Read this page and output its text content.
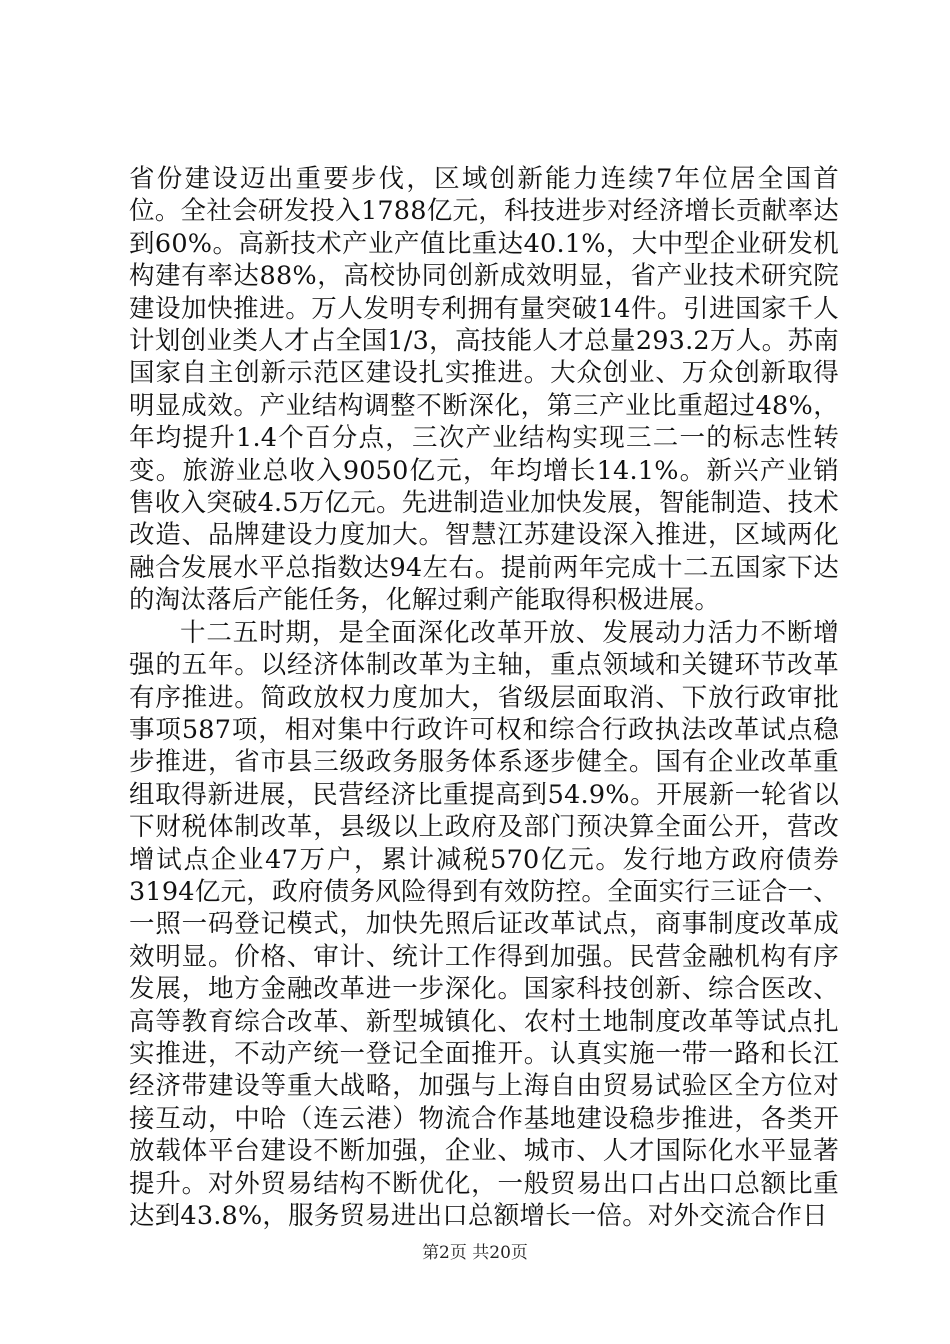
省份建设迈出重要步伐，区域创新能力连续7年位居全国首位。全社会研发投入1788亿元，科技进步对经济增长贡献率达到60%。高新技术产业产值比重达40.1%，大中型企业研发机构建有率达88%，高校协同创新成效明显，省产业技术研究院建设加快推进。万人发明专利拥有量突破14件。引进国家千人计划创业类人才占全国1/3，高技能人才总量293.2万人。苏南国家自主创新示范区建设扎实推进。大众创业、万众创新取得明显成效。产业结构调整不断深化，第三产业比重超过48%，年均提升1.4个百分点，三次产业结构实现三二一的标志性转变。旅游业总收入9050亿元，年均增长14.1%。新兴产业销售收入突破4.5万亿元。先进制造业加快发展，智能制造、技术改造、品牌建设力度加大。智慧江苏建设深入推进，区域两化融合发展水平总指数达94左右。提前两年完成十二五国家下达的淘汰落后产能任务，化解过剩产能取得积极进展。

十二五时期，是全面深化改革开放、发展动力活力不断增强的五年。以经济体制改革为主轴，重点领域和关键环节改革有序推进。简政放权力度加大，省级层面取消、下放行政审批事项587项，相对集中行政许可权和综合行政执法改革试点稳步推进，省市县三级政务服务体系逐步健全。国有企业改革重组取得新进展，民营经济比重提高到54.9%。开展新一轮省以下财税体制改革，县级以上政府及部门预决算全面公开，营改增试点企业47万户，累计减税570亿元。发行地方政府债券3194亿元，政府债务风险得到有效防控。全面实行三证合一、一照一码登记模式，加快先照后证改革试点，商事制度改革成效明显。价格、审计、统计工作得到加强。民营金融机构有序发展，地方金融改革进一步深化。国家科技创新、综合医改、高等教育综合改革、新型城镇化、农村土地制度改革等试点扎实推进，不动产统一登记全面推开。认真实施一带一路和长江经济带建设等重大战略，加强与上海自由贸易试验区全方位对接互动，中哈（连云港）物流合作基地建设稳步推进，各类开放载体平台建设不断加强，企业、城市、人才国际化水平显著提升。对外贸易结构不断优化，一般贸易出口占出口总额比重达到43.8%，服务贸易进出口总额增长一倍。对外交流合作日

第2页 共20页
